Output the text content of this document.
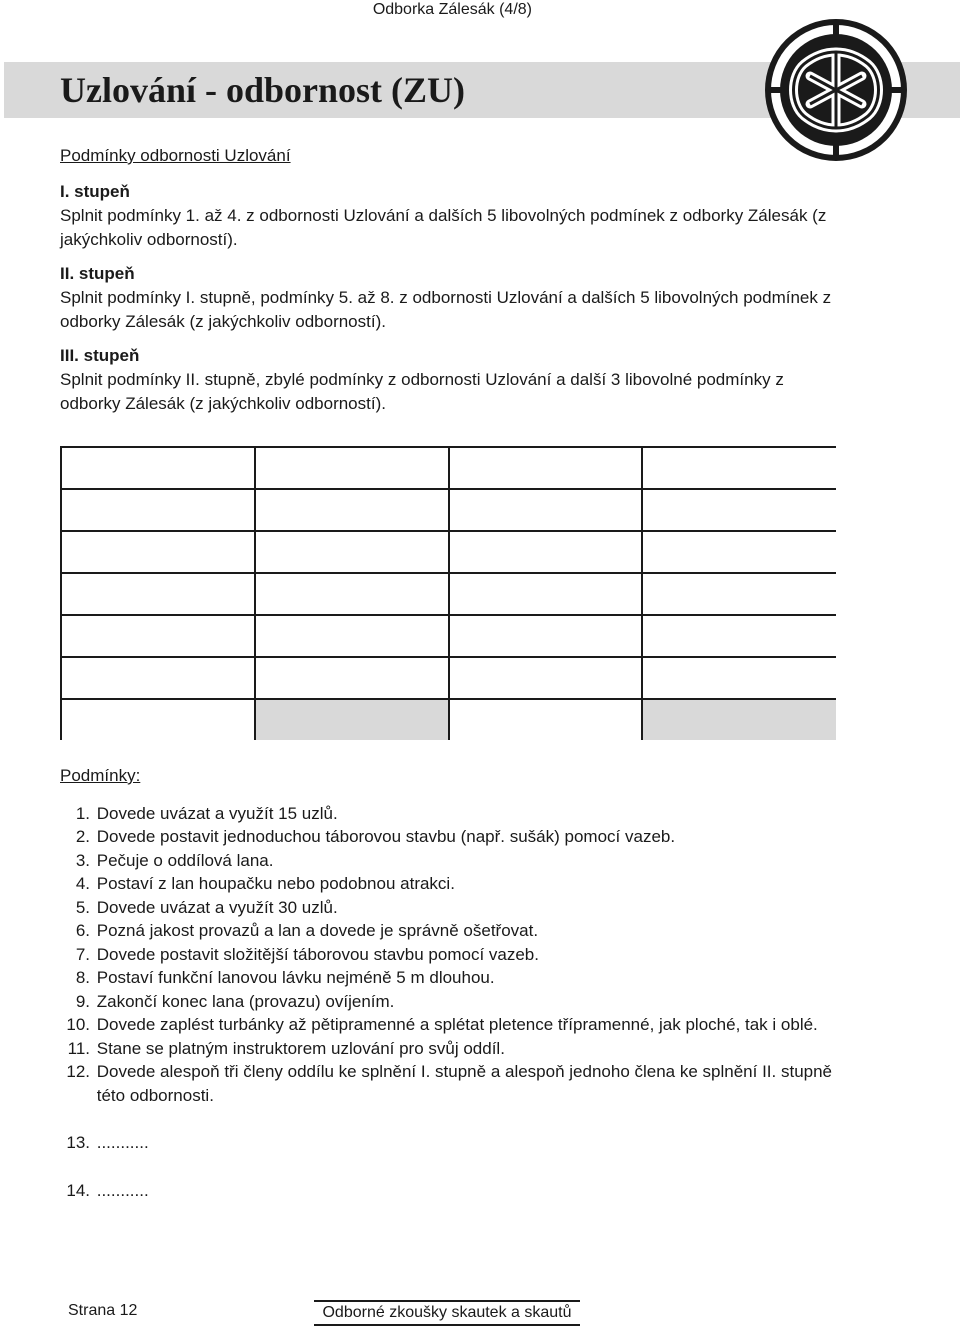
Odborka Zálesák (4/8)
Uzlování - odbornost (ZU)

Podmínky odbornosti Uzlování

I. stupeň
Splnit podmínky 1. až 4. z odbornosti Uzlování a dalších 5 libovolných podmínek z odborky Zálesák (z jakýchkoliv odborností).
II. stupeň
Splnit podmínky I. stupně, podmínky 5. až 8. z odbornosti Uzlování a dalších 5 libovolných podmínek z odborky Zálesák (z jakýchkoliv odborností).
III. stupeň
Splnit podmínky II. stupně, zbylé podmínky z odbornosti Uzlování a další 3 libovolné podmínky z odborky Zálesák (z jakýchkoliv odborností).

Podmínky:

1.
Dovede uvázat a využít 15 uzlů.
2.
Dovede postavit jednoduchou táborovou stavbu (např. sušák) pomocí vazeb.
3.
Pečuje o oddílová lana.
4.
Postaví z lan houpačku nebo podobnou atrakci.
5.
Dovede uvázat a využít 30 uzlů.
6.
Pozná jakost provazů a lan a dovede je správně ošetřovat.
7.
Dovede postavit složitější táborovou stavbu pomocí vazeb.
8.
Postaví funkční lanovou lávku nejméně 5 m dlouhou.
9.
Zakončí konec lana (provazu) ovíjením.
10.
Dovede zaplést turbánky až pětipramenné a splétat pletence třípramenné, jak ploché, tak i oblé.
11.
Stane se platným instruktorem uzlování pro svůj oddíl.
12.
Dovede alespoň tři členy oddílu ke splnění I. stupně a alespoň jednoho člena ke splnění II. stupně této odbornosti.
13.
...........
14.
...........
Strana 12	Odborné zkoušky skautek a skautů
